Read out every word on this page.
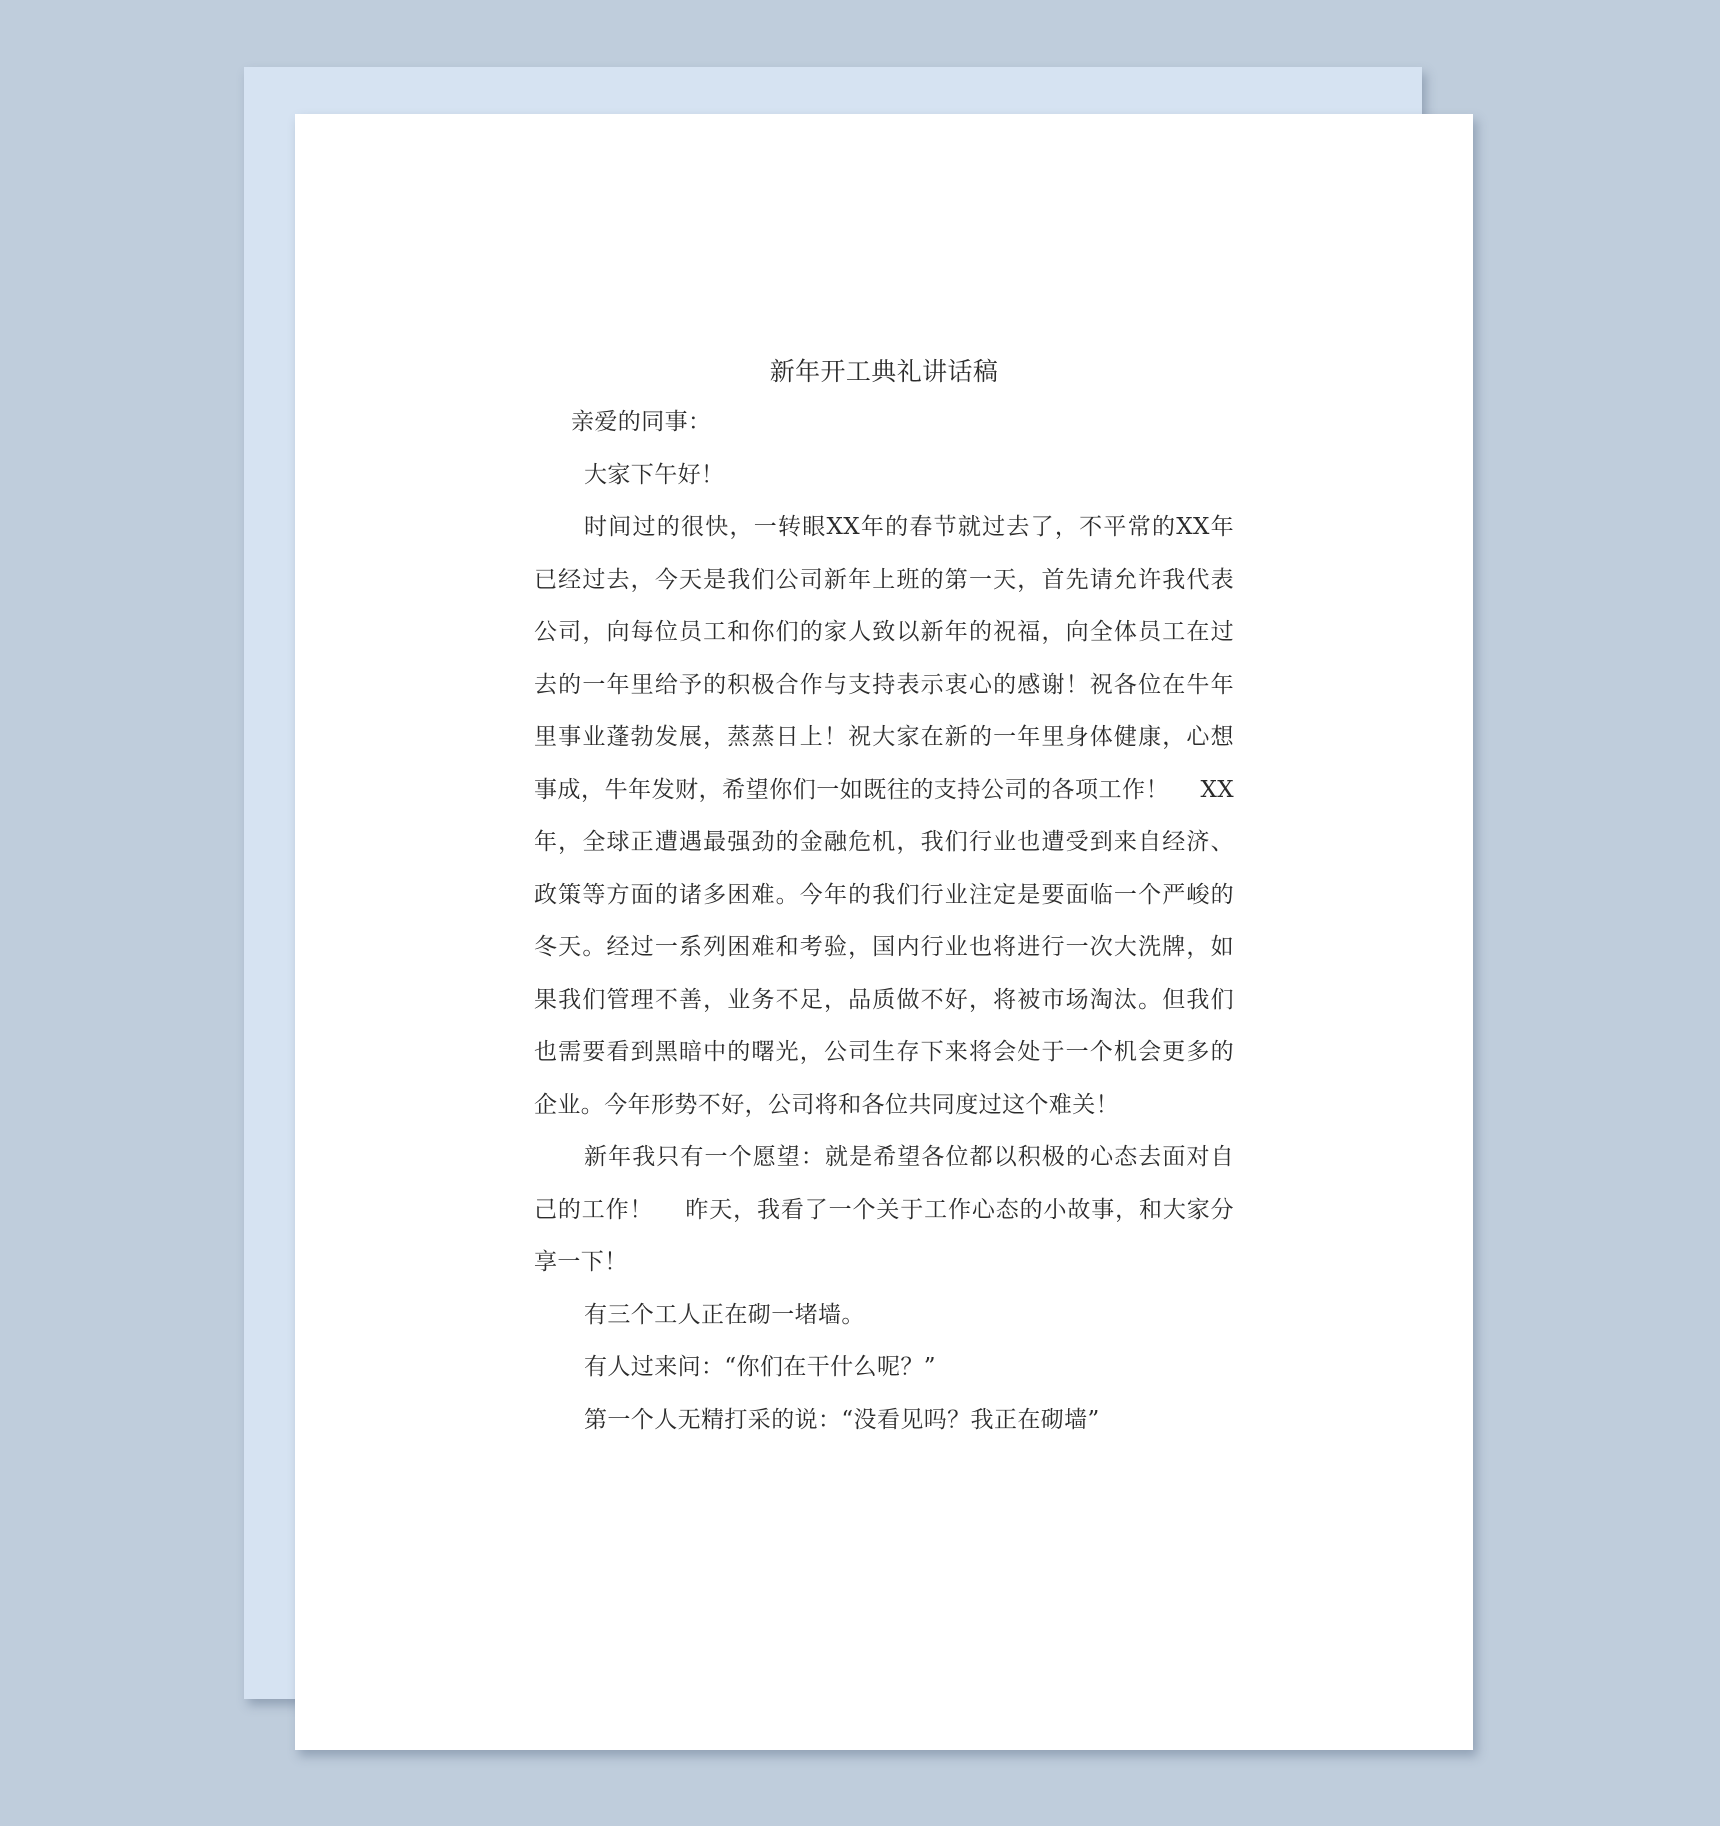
新年开工典礼讲话稿

亲爱的同事：

大家下午好！

时间过的很快，一转眼XX年的春节就过去了，不平常的XX年已经过去，今天是我们公司新年上班的第一天，首先请允许我代表公司，向每位员工和你们的家人致以新年的祝福，向全体员工在过去的一年里给予的积极合作与支持表示衷心的感谢！祝各位在牛年里事业蓬勃发展，蒸蒸日上！祝大家在新的一年里身体健康，心想事成，牛年发财，希望你们一如既往的支持公司的各项工作！　 XX年，全球正遭遇最强劲的金融危机，我们行业也遭受到来自经济、政策等方面的诸多困难。今年的我们行业注定是要面临一个严峻的冬天。经过一系列困难和考验，国内行业也将进行一次大洗牌，如果我们管理不善，业务不足，品质做不好，将被市场淘汰。但我们也需要看到黑暗中的曙光，公司生存下来将会处于一个机会更多的企业。今年形势不好，公司将和各位共同度过这个难关！

新年我只有一个愿望：就是希望各位都以积极的心态去面对自己的工作！　 昨天，我看了一个关于工作心态的小故事，和大家分享一下！

有三个工人正在砌一堵墙。

有人过来问：“你们在干什么呢？”

第一个人无精打采的说：“没看见吗？我正在砌墙”
